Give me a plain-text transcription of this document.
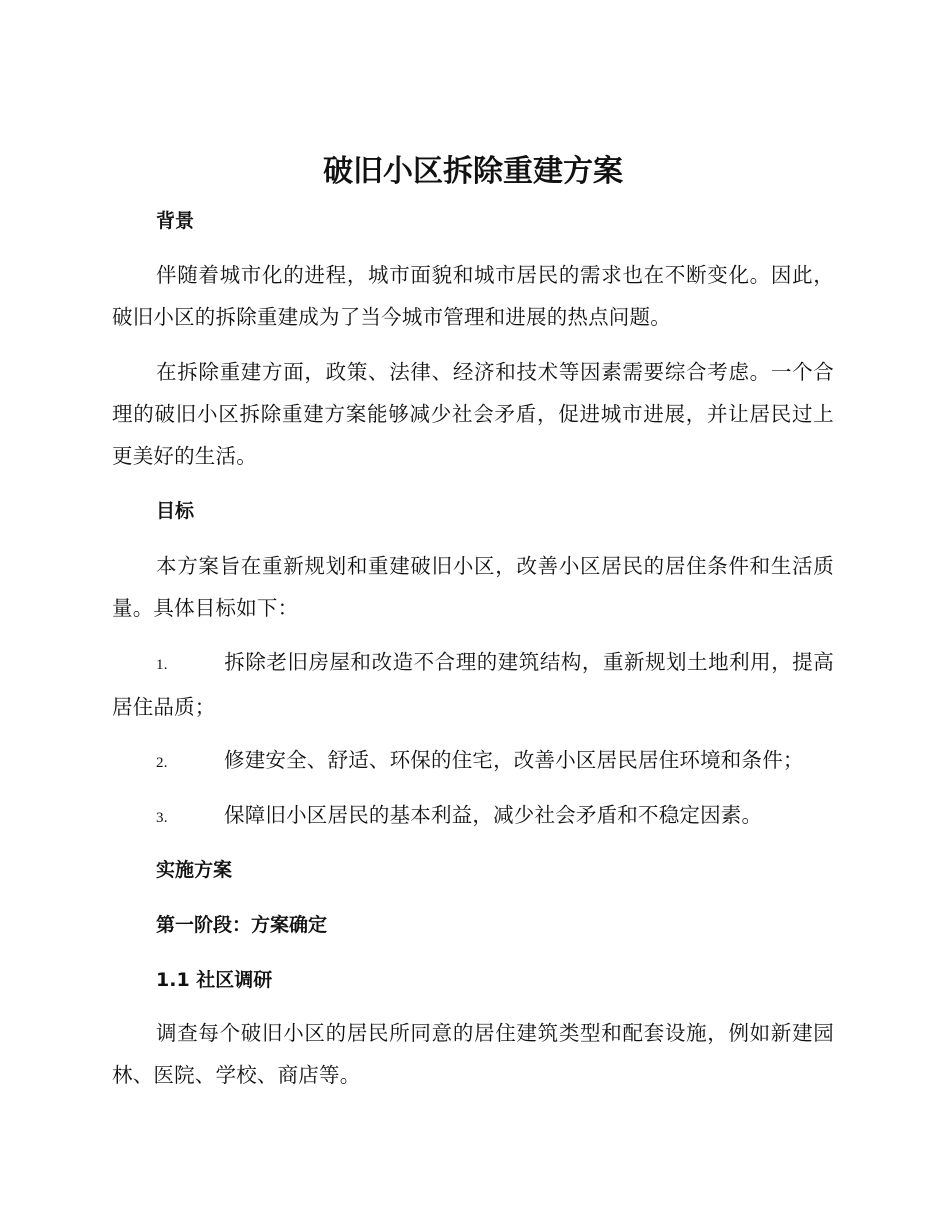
破旧小区拆除重建方案
背景

伴随着城市化的进程，城市面貌和城市居民的需求也在不断变化。因此，破旧小区的拆除重建成为了当今城市管理和进展的热点问题。

在拆除重建方面，政策、法律、经济和技术等因素需要综合考虑。一个合理的破旧小区拆除重建方案能够减少社会矛盾，促进城市进展，并让居民过上更美好的生活。

目标

本方案旨在重新规划和重建破旧小区，改善小区居民的居住条件和生活质量。具体目标如下：

1.	拆除老旧房屋和改造不合理的建筑结构，重新规划土地利用，提高居住品质；

2.	修建安全、舒适、环保的住宅，改善小区居民居住环境和条件；

3.	保障旧小区居民的基本利益，减少社会矛盾和不稳定因素。

实施方案
第一阶段：方案确定
1.1 社区调研

调查每个破旧小区的居民所同意的居住建筑类型和配套设施，例如新建园林、医院、学校、商店等。
